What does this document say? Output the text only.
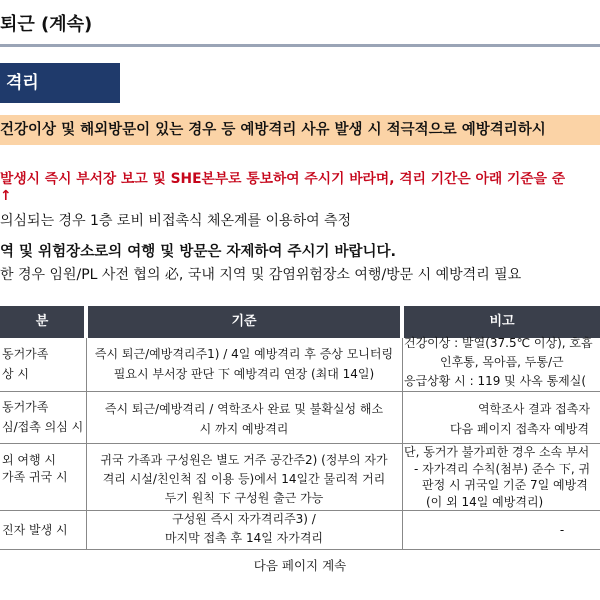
퇴근 (계속)
격리
건강이상 및 해외방문이 있는 경우 등 예방격리 사유 발생 시 적극적으로 예방격리하시
발생시 즉시 부서장 보고 및 SHE본부로 통보하여 주시기 바라며, 격리 기간은 아래 기준을 준
↑
의심되는 경우 1층 로비 비접촉식 체온계를 이용하여 측정
역 및 위험장소로의 여행 및 방문은 자제하여 주시기 바랍니다.
한 경우 임원/PL 사전 협의 必, 국내 지역 및 감염위험장소 여행/방문 시 예방격리 필요
분	기준	비고
동거가족
상 시
즉시 퇴근/예방격리주1) / 4일 예방격리 후 증상 모니터링
필요시 부서장 판단 下 예방격리 연장 (최대 14일)
건강이상 : 발열(37.5℃ 이상), 호흡
인후통, 목아픔, 두통/근
응급상황 시 : 119 및 사옥 통제실(
동거가족
심/접촉 의심 시
즉시 퇴근/예방격리 / 역학조사 완료 및 불확실성 해소
시 까지 예방격리
역학조사 결과 접촉자
다음 페이지 접촉자 예방격
외 여행 시
가족 귀국 시
귀국 가족과 구성원은 별도 거주 공간주2) (정부의 자가
격리 시설/친인척 집 이용 등)에서 14일간 물리적 거리
두기 원칙 下 구성원 출근 가능
단, 동거가 불가피한 경우 소속 부서
- 자가격리 수칙(첨부) 준수 下, 귀
판정 시 귀국일 기준 7일 예방격
(이 외 14일 예방격리)
진자 발생 시
구성원 즉시 자가격리주3) /
마지막 접촉 후 14일 자가격리
-
다음 페이지 계속
